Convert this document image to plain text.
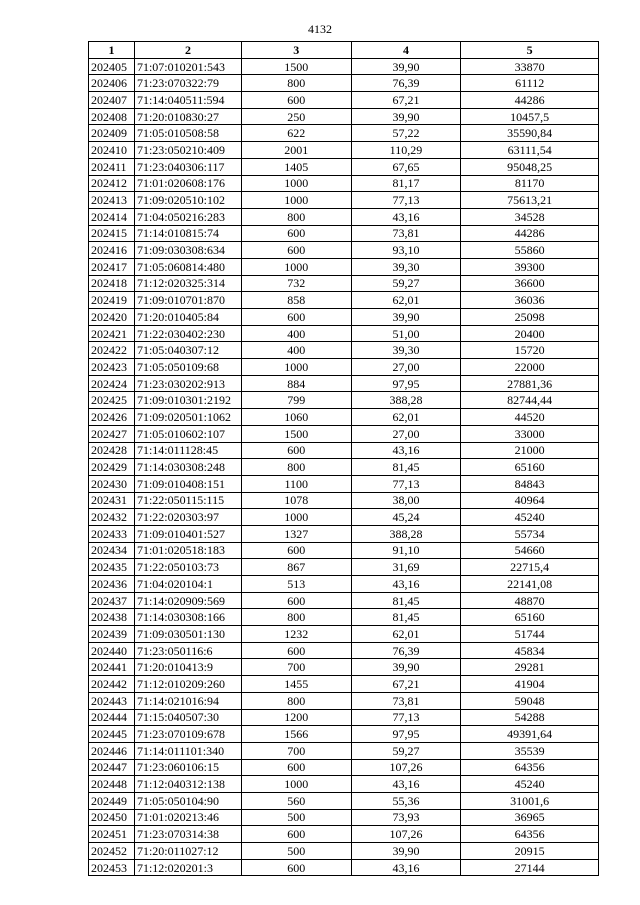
4132
1	2	3	4	5
202405	71:07:010201:543	1500	39,90	33870
202406	71:23:070322:79	800	76,39	61112
202407	71:14:040511:594	600	67,21	44286
202408	71:20:010830:27	250	39,90	10457,5
202409	71:05:010508:58	622	57,22	35590,84
202410	71:23:050210:409	2001	110,29	63111,54
202411	71:23:040306:117	1405	67,65	95048,25
202412	71:01:020608:176	1000	81,17	81170
202413	71:09:020510:102	1000	77,13	75613,21
202414	71:04:050216:283	800	43,16	34528
202415	71:14:010815:74	600	73,81	44286
202416	71:09:030308:634	600	93,10	55860
202417	71:05:060814:480	1000	39,30	39300
202418	71:12:020325:314	732	59,27	36600
202419	71:09:010701:870	858	62,01	36036
202420	71:20:010405:84	600	39,90	25098
202421	71:22:030402:230	400	51,00	20400
202422	71:05:040307:12	400	39,30	15720
202423	71:05:050109:68	1000	27,00	22000
202424	71:23:030202:913	884	97,95	27881,36
202425	71:09:010301:2192	799	388,28	82744,44
202426	71:09:020501:1062	1060	62,01	44520
202427	71:05:010602:107	1500	27,00	33000
202428	71:14:011128:45	600	43,16	21000
202429	71:14:030308:248	800	81,45	65160
202430	71:09:010408:151	1100	77,13	84843
202431	71:22:050115:115	1078	38,00	40964
202432	71:22:020303:97	1000	45,24	45240
202433	71:09:010401:527	1327	388,28	55734
202434	71:01:020518:183	600	91,10	54660
202435	71:22:050103:73	867	31,69	22715,4
202436	71:04:020104:1	513	43,16	22141,08
202437	71:14:020909:569	600	81,45	48870
202438	71:14:030308:166	800	81,45	65160
202439	71:09:030501:130	1232	62,01	51744
202440	71:23:050116:6	600	76,39	45834
202441	71:20:010413:9	700	39,90	29281
202442	71:12:010209:260	1455	67,21	41904
202443	71:14:021016:94	800	73,81	59048
202444	71:15:040507:30	1200	77,13	54288
202445	71:23:070109:678	1566	97,95	49391,64
202446	71:14:011101:340	700	59,27	35539
202447	71:23:060106:15	600	107,26	64356
202448	71:12:040312:138	1000	43,16	45240
202449	71:05:050104:90	560	55,36	31001,6
202450	71:01:020213:46	500	73,93	36965
202451	71:23:070314:38	600	107,26	64356
202452	71:20:011027:12	500	39,90	20915
202453	71:12:020201:3	600	43,16	27144
